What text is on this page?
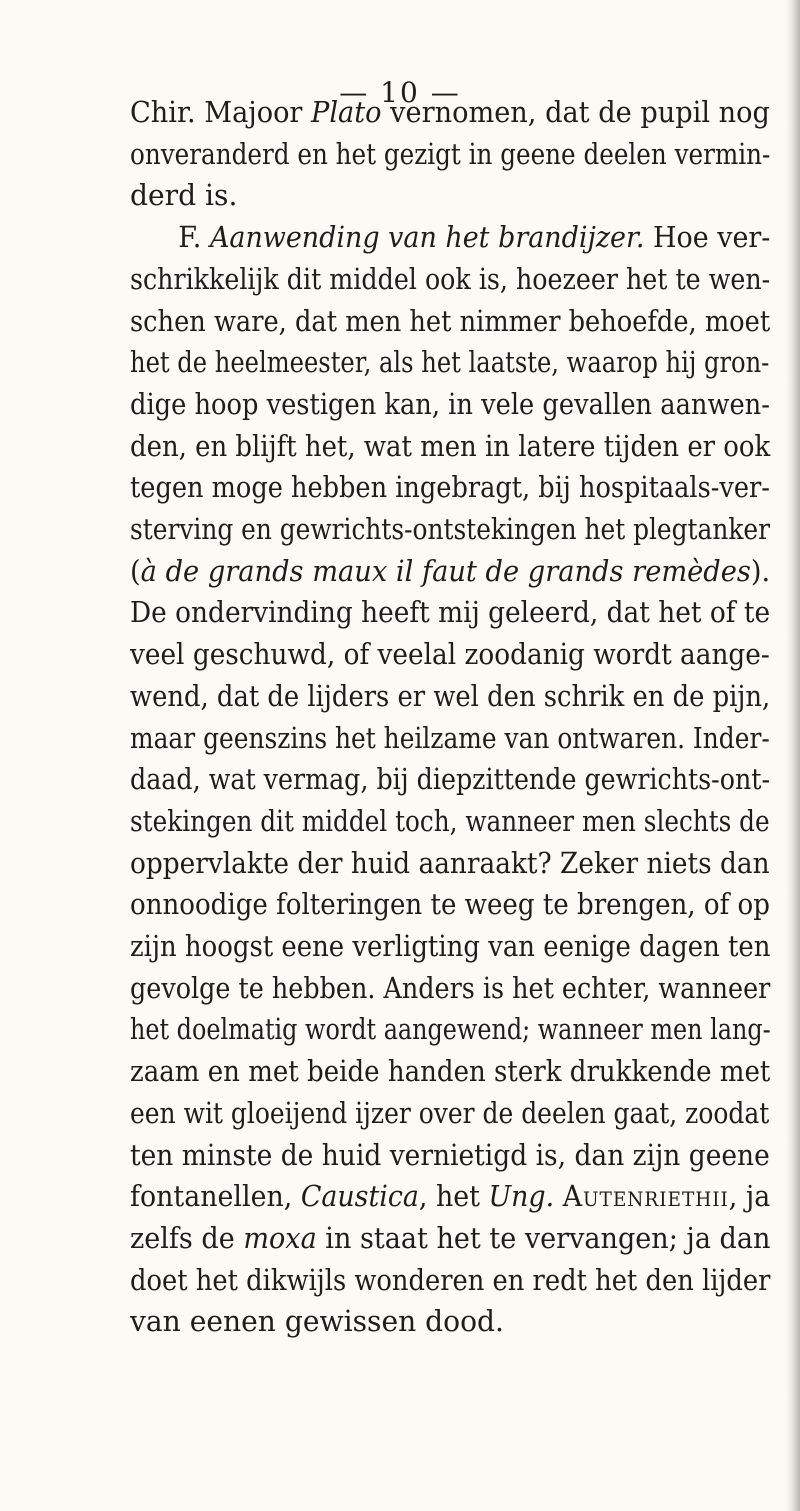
— 10 —
Chir. Majoor Plato vernomen, dat de pupil nog
onveranderd en het gezigt in geene deelen vermin-
derd is.
F. Aanwending van het brandijzer. Hoe ver-
schrikkelijk dit middel ook is, hoezeer het te wen-
schen ware, dat men het nimmer behoefde, moet
het de heelmeester, als het laatste, waarop hij gron-
dige hoop vestigen kan, in vele gevallen aanwen-
den, en blijft het, wat men in latere tijden er ook
tegen moge hebben ingebragt, bij hospitaals-ver-
sterving en gewrichts-ontstekingen het plegtanker
(à de grands maux il faut de grands remèdes).
De ondervinding heeft mij geleerd, dat het of te
veel geschuwd, of veelal zoodanig wordt aange-
wend, dat de lijders er wel den schrik en de pijn,
maar geenszins het heilzame van ontwaren. Inder-
daad, wat vermag, bij diepzittende gewrichts-ont-
stekingen dit middel toch, wanneer men slechts de
oppervlakte der huid aanraakt? Zeker niets dan
onnoodige folteringen te weeg te brengen, of op
zijn hoogst eene verligting van eenige dagen ten
gevolge te hebben. Anders is het echter, wanneer
het doelmatig wordt aangewend; wanneer men lang-
zaam en met beide handen sterk drukkende met
een wit gloeijend ijzer over de deelen gaat, zoodat
ten minste de huid vernietigd is, dan zijn geene
fontanellen, Caustica, het Ung. Autenriethii, ja
zelfs de moxa in staat het te vervangen; ja dan
doet het dikwijls wonderen en redt het den lijder
van eenen gewissen dood.
